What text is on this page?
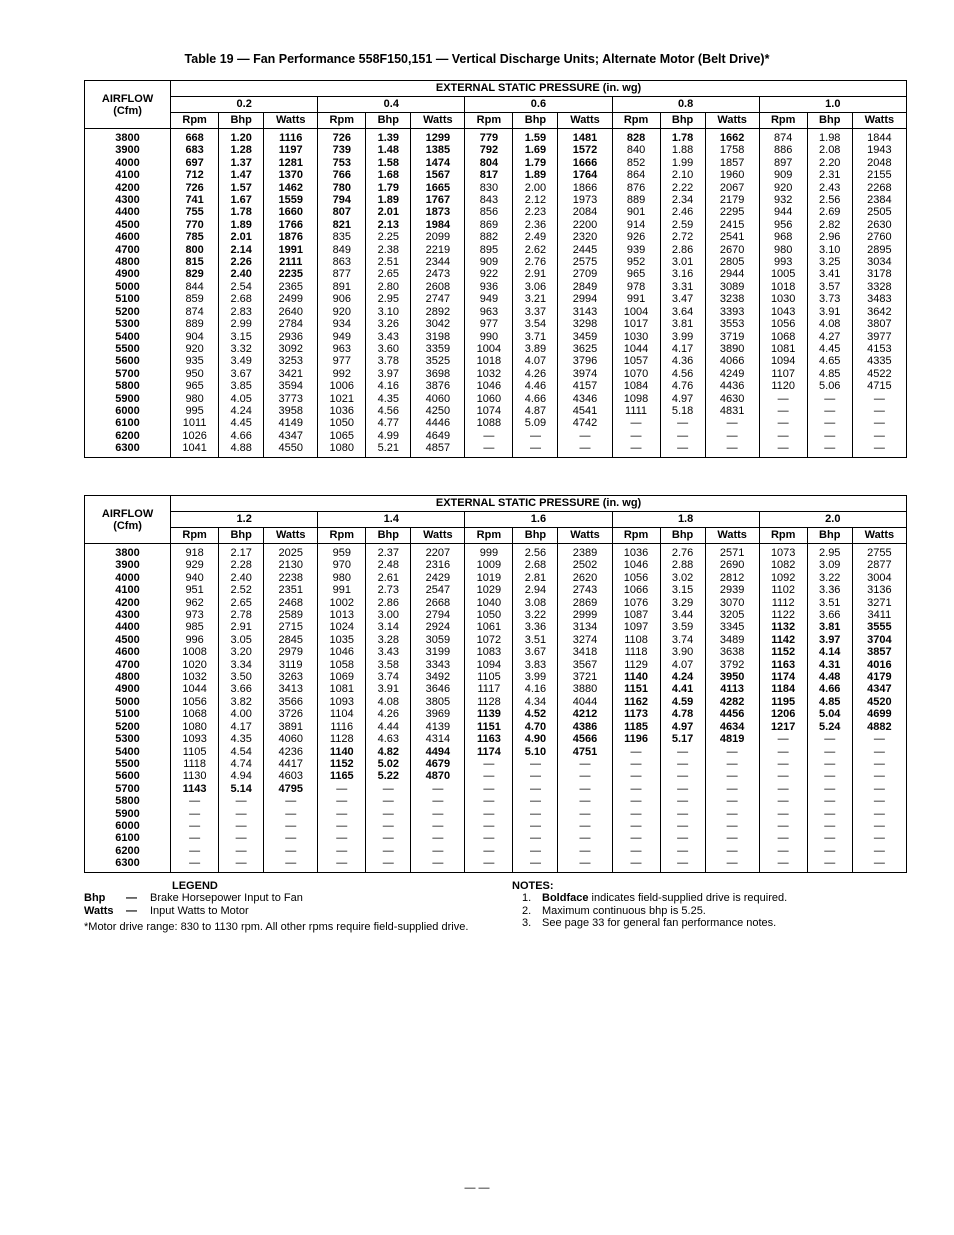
Table 19 — Fan Performance 558F150,151 — Vertical Discharge Units; Alternate Motor (Belt Drive)*
AIRFLOW
(Cfm)	EXTERNAL STATIC PRESSURE (in. wg)														
	0.2			0.4			0.6			0.8			1.0		
	Rpm	Bhp	Watts	Rpm	Bhp	Watts	Rpm	Bhp	Watts	Rpm	Bhp	Watts	Rpm	Bhp	Watts
3800	668	1.20	1116	726	1.39	1299	779	1.59	1481	828	1.78	1662	874	1.98	1844
3900	683	1.28	1197	739	1.48	1385	792	1.69	1572	840	1.88	1758	886	2.08	1943
4000	697	1.37	1281	753	1.58	1474	804	1.79	1666	852	1.99	1857	897	2.20	2048
4100	712	1.47	1370	766	1.68	1567	817	1.89	1764	864	2.10	1960	909	2.31	2155
4200	726	1.57	1462	780	1.79	1665	830	2.00	1866	876	2.22	2067	920	2.43	2268
4300	741	1.67	1559	794	1.89	1767	843	2.12	1973	889	2.34	2179	932	2.56	2384
4400	755	1.78	1660	807	2.01	1873	856	2.23	2084	901	2.46	2295	944	2.69	2505
4500	770	1.89	1766	821	2.13	1984	869	2.36	2200	914	2.59	2415	956	2.82	2630
4600	785	2.01	1876	835	2.25	2099	882	2.49	2320	926	2.72	2541	968	2.96	2760
4700	800	2.14	1991	849	2.38	2219	895	2.62	2445	939	2.86	2670	980	3.10	2895
4800	815	2.26	2111	863	2.51	2344	909	2.76	2575	952	3.01	2805	993	3.25	3034
4900	829	2.40	2235	877	2.65	2473	922	2.91	2709	965	3.16	2944	1005	3.41	3178
5000	844	2.54	2365	891	2.80	2608	936	3.06	2849	978	3.31	3089	1018	3.57	3328
5100	859	2.68	2499	906	2.95	2747	949	3.21	2994	991	3.47	3238	1030	3.73	3483
5200	874	2.83	2640	920	3.10	2892	963	3.37	3143	1004	3.64	3393	1043	3.91	3642
5300	889	2.99	2784	934	3.26	3042	977	3.54	3298	1017	3.81	3553	1056	4.08	3807
5400	904	3.15	2936	949	3.43	3198	990	3.71	3459	1030	3.99	3719	1068	4.27	3977
5500	920	3.32	3092	963	3.60	3359	1004	3.89	3625	1044	4.17	3890	1081	4.45	4153
5600	935	3.49	3253	977	3.78	3525	1018	4.07	3796	1057	4.36	4066	1094	4.65	4335
5700	950	3.67	3421	992	3.97	3698	1032	4.26	3974	1070	4.56	4249	1107	4.85	4522
5800	965	3.85	3594	1006	4.16	3876	1046	4.46	4157	1084	4.76	4436	1120	5.06	4715
5900	980	4.05	3773	1021	4.35	4060	1060	4.66	4346	1098	4.97	4630	—	—	—
6000	995	4.24	3958	1036	4.56	4250	1074	4.87	4541	1111	5.18	4831	—	—	—
6100	1011	4.45	4149	1050	4.77	4446	1088	5.09	4742	—	—	—	—	—	—
6200	1026	4.66	4347	1065	4.99	4649	—	—	—	—	—	—	—	—	—
6300	1041	4.88	4550	1080	5.21	4857	—	—	—	—	—	—	—	—	—
AIRFLOW
(Cfm)	EXTERNAL STATIC PRESSURE (in. wg)														
	1.2			1.4			1.6			1.8			2.0		
	Rpm	Bhp	Watts	Rpm	Bhp	Watts	Rpm	Bhp	Watts	Rpm	Bhp	Watts	Rpm	Bhp	Watts
3800	918	2.17	2025	959	2.37	2207	999	2.56	2389	1036	2.76	2571	1073	2.95	2755
3900	929	2.28	2130	970	2.48	2316	1009	2.68	2502	1046	2.88	2690	1082	3.09	2877
4000	940	2.40	2238	980	2.61	2429	1019	2.81	2620	1056	3.02	2812	1092	3.22	3004
4100	951	2.52	2351	991	2.73	2547	1029	2.94	2743	1066	3.15	2939	1102	3.36	3136
4200	962	2.65	2468	1002	2.86	2668	1040	3.08	2869	1076	3.29	3070	1112	3.51	3271
4300	973	2.78	2589	1013	3.00	2794	1050	3.22	2999	1087	3.44	3205	1122	3.66	3411
4400	985	2.91	2715	1024	3.14	2924	1061	3.36	3134	1097	3.59	3345	1132	3.81	3555
4500	996	3.05	2845	1035	3.28	3059	1072	3.51	3274	1108	3.74	3489	1142	3.97	3704
4600	1008	3.20	2979	1046	3.43	3199	1083	3.67	3418	1118	3.90	3638	1152	4.14	3857
4700	1020	3.34	3119	1058	3.58	3343	1094	3.83	3567	1129	4.07	3792	1163	4.31	4016
4800	1032	3.50	3263	1069	3.74	3492	1105	3.99	3721	1140	4.24	3950	1174	4.48	4179
4900	1044	3.66	3413	1081	3.91	3646	1117	4.16	3880	1151	4.41	4113	1184	4.66	4347
5000	1056	3.82	3566	1093	4.08	3805	1128	4.34	4044	1162	4.59	4282	1195	4.85	4520
5100	1068	4.00	3726	1104	4.26	3969	1139	4.52	4212	1173	4.78	4456	1206	5.04	4699
5200	1080	4.17	3891	1116	4.44	4139	1151	4.70	4386	1185	4.97	4634	1217	5.24	4882
5300	1093	4.35	4060	1128	4.63	4314	1163	4.90	4566	1196	5.17	4819	—	—	—
5400	1105	4.54	4236	1140	4.82	4494	1174	5.10	4751	—	—	—	—	—	—
5500	1118	4.74	4417	1152	5.02	4679	—	—	—	—	—	—	—	—	—
5600	1130	4.94	4603	1165	5.22	4870	—	—	—	—	—	—	—	—	—
5700	1143	5.14	4795	—	—	—	—	—	—	—	—	—	—	—	—
5800	—	—	—	—	—	—	—	—	—	—	—	—	—	—	—
5900	—	—	—	—	—	—	—	—	—	—	—	—	—	—	—
6000	—	—	—	—	—	—	—	—	—	—	—	—	—	—	—
6100	—	—	—	—	—	—	—	—	—	—	—	—	—	—	—
6200	—	—	—	—	—	—	—	—	—	—	—	—	—	—	—
6300	—	—	—	—	—	—	—	—	—	—	—	—	—	—	—
LEGEND
Bhp	—	Brake Horsepower Input to Fan
Watts	—	Input Watts to Motor
*Motor drive range: 830 to 1130 rpm. All other rpms require field-supplied drive.
NOTES:
1. Boldface indicates field-supplied drive is required.
2. Maximum continuous bhp is 5.25.
3. See page 33 for general fan performance notes.
— —
